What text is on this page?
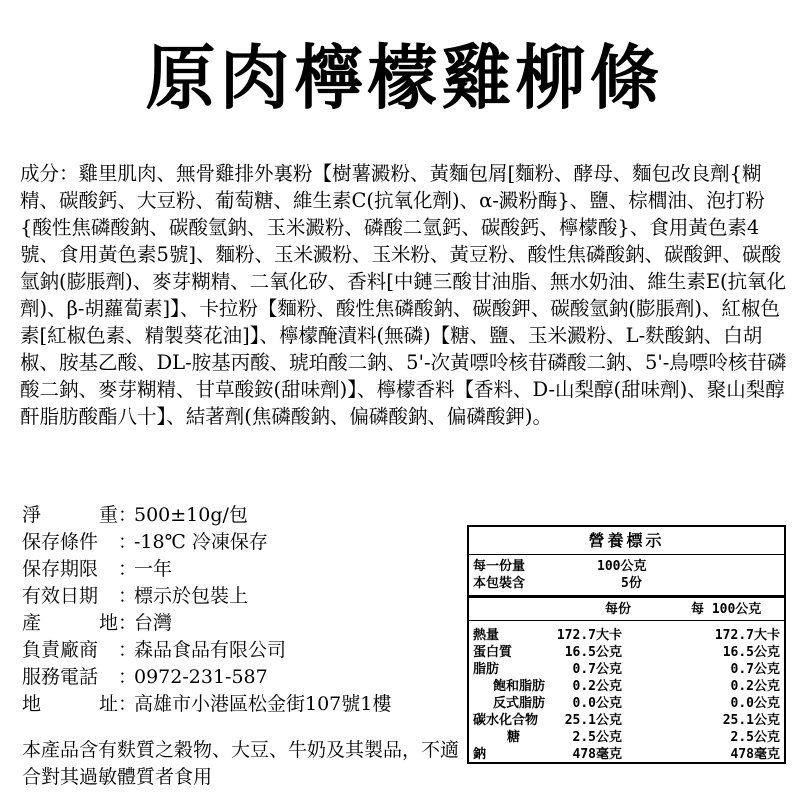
原肉檸檬雞柳條
成分：雞里肌肉、無骨雞排外裏粉【樹薯澱粉、黃麵包屑[麵粉、酵母、麵包改良劑{糊精、碳酸鈣、大豆粉、葡萄糖、維生素C(抗氧化劑)、α-澱粉酶}、鹽、棕櫚油、泡打粉{酸性焦磷酸鈉、碳酸氫鈉、玉米澱粉、磷酸二氫鈣、碳酸鈣、檸檬酸}、食用黃色素4號、食用黃色素5號]、麵粉、玉米澱粉、玉米粉、黃豆粉、酸性焦磷酸鈉、碳酸鉀、碳酸氫鈉(膨脹劑)、麥芽糊精、二氧化矽、香料[中鏈三酸甘油脂、無水奶油、維生素E(抗氧化劑)、β-胡蘿蔔素]】、卡拉粉【麵粉、酸性焦磷酸鈉、碳酸鉀、碳酸氫鈉(膨脹劑)、紅椒色素[紅椒色素、精製葵花油]】、檸檬醃漬料(無磷)【糖、鹽、玉米澱粉、L-麩酸鈉、白胡椒、胺基乙酸、DL-胺基丙酸、琥珀酸二鈉、5'-次黃嘌呤核苷磷酸二鈉、5'-鳥嘌呤核苷磷酸二鈉、麥芽糊精、甘草酸銨(甜味劑)】、檸檬香料【香料、D-山梨醇(甜味劑)、聚山梨醇酐脂肪酸酯八十】、結著劑(焦磷酸鈉、偏磷酸鈉、偏磷酸鉀)。
淨　重 ：
500±10g/包
保存條件	：
-18℃ 冷凍保存
保存期限	：
一年
有效日期	：
標示於包裝上
產　地 ：
台灣
負責廠商	：
森品食品有限公司
服務電話	：
0972-231-587
地　址 ：
高雄市小港區松金街107號1樓
本產品含有麩質之穀物、大豆、牛奶及其製品，不適合對其過敏體質者食用
營養標示
每一份量	100公克
本包裝含	5份
每份	每 100公克
熱量	172.7大卡	172.7大卡
蛋白質	16.5公克	16.5公克
脂肪	0.7公克	0.7公克
飽和脂肪 0.2公克	0.2公克
反式脂肪 0.0公克	0.0公克
碳水化合物 25.1公克	25.1公克
糖	2.5公克	2.5公克
鈉	478毫克	478毫克
